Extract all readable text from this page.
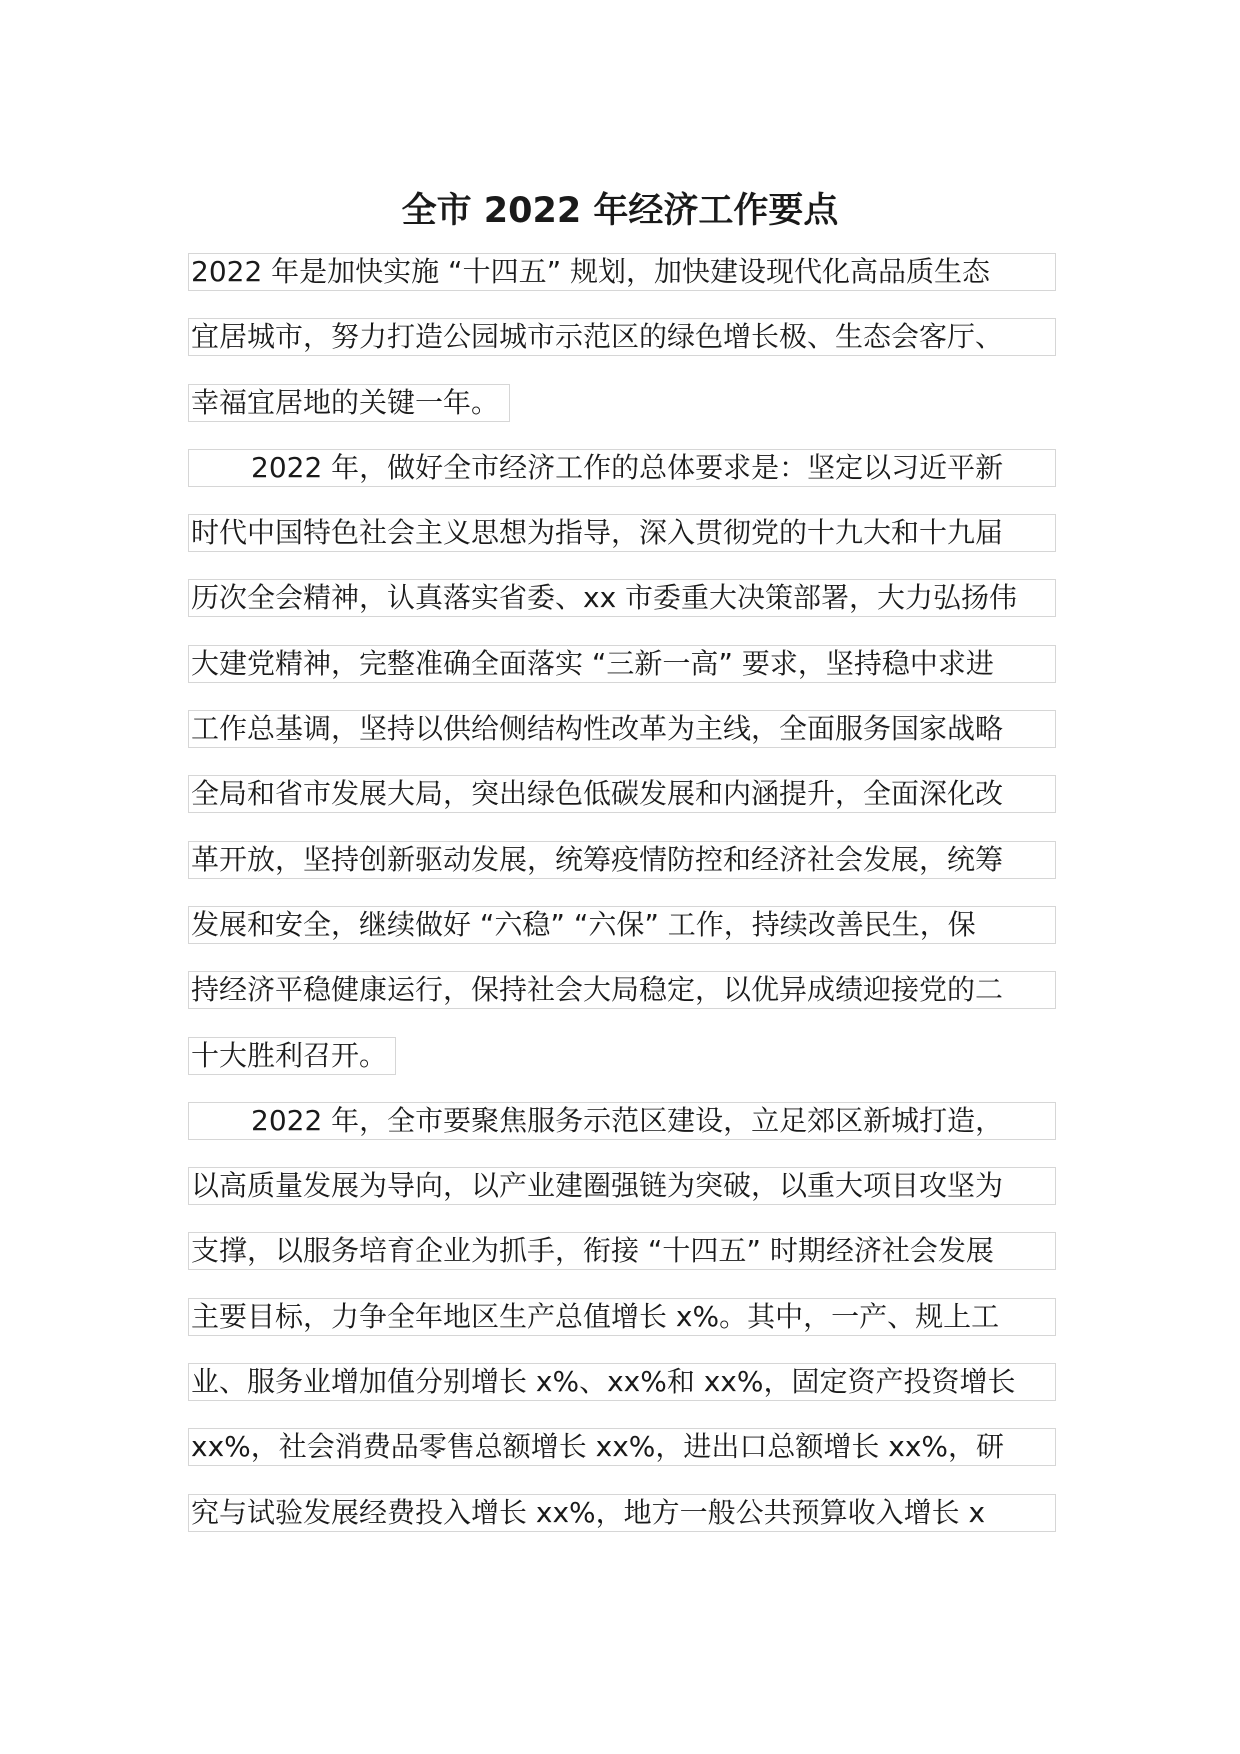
全市 2022 年经济工作要点
2022 年是加快实施 “十四五” 规划，加快建设现代化高品质生态
宜居城市，努力打造公园城市示范区的绿色增长极、生态会客厅、
幸福宜居地的关键一年。
2022 年，做好全市经济工作的总体要求是：坚定以习近平新
时代中国特色社会主义思想为指导，深入贯彻党的十九大和十九届
历次全会精神，认真落实省委、xx 市委重大决策部署，大力弘扬伟
大建党精神，完整准确全面落实 “三新一高” 要求，坚持稳中求进
工作总基调，坚持以供给侧结构性改革为主线，全面服务国家战略
全局和省市发展大局，突出绿色低碳发展和内涵提升，全面深化改
革开放，坚持创新驱动发展，统筹疫情防控和经济社会发展，统筹
发展和安全，继续做好 “六稳” “六保” 工作，持续改善民生，保
持经济平稳健康运行，保持社会大局稳定，以优异成绩迎接党的二
十大胜利召开。
2022 年，全市要聚焦服务示范区建设，立足郊区新城打造，
以高质量发展为导向，以产业建圈强链为突破，以重大项目攻坚为
支撑，以服务培育企业为抓手，衔接 “十四五” 时期经济社会发展
主要目标，力争全年地区生产总值增长 x%。其中，一产、规上工
业、服务业增加值分别增长 x%、xx%和 xx%，固定资产投资增长
xx%，社会消费品零售总额增长 xx%，进出口总额增长 xx%，研
究与试验发展经费投入增长 xx%，地方一般公共预算收入增长 x
